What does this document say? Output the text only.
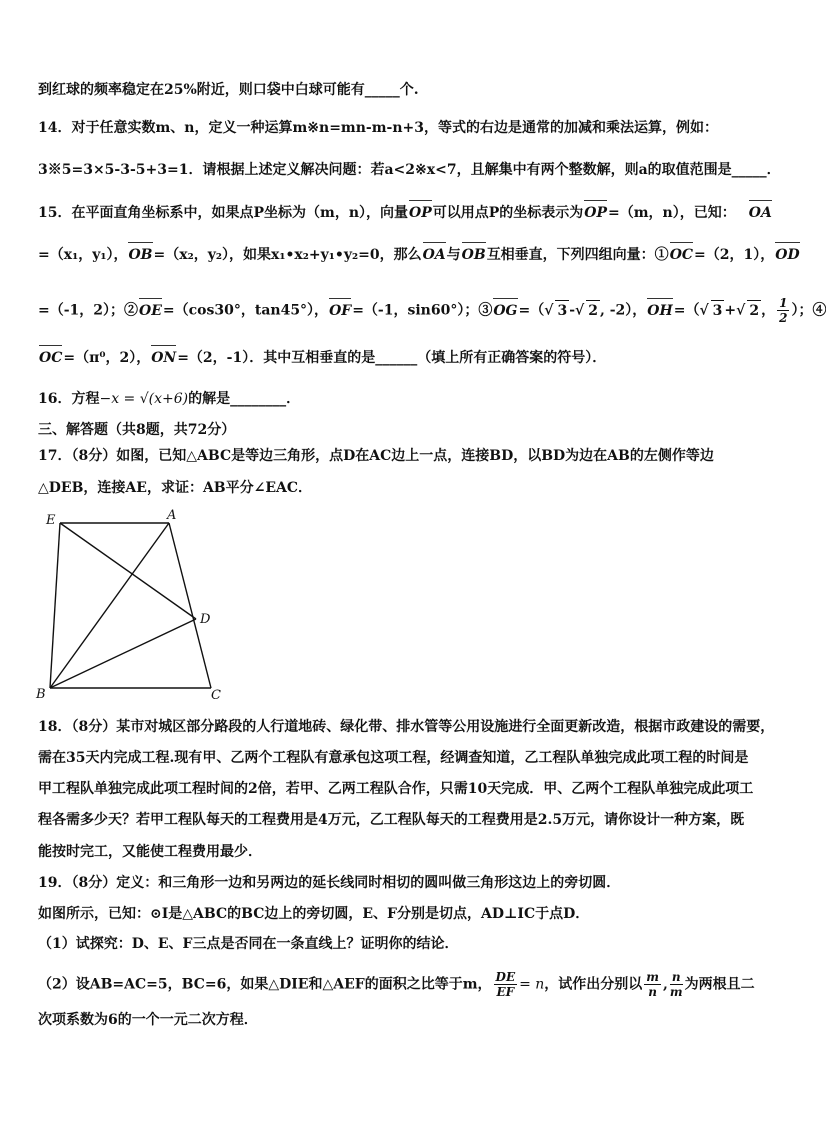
到红球的频率稳定在25%附近，则口袋中白球可能有_____个.
14．对于任意实数m、n，定义一种运算m※n=mn-m-n+3，等式的右边是通常的加减和乘法运算，例如：
3※5=3×5-3-5+3=1．请根据上述定义解决问题：若a<2※x<7，且解集中有两个整数解，则a的取值范围是_____．
15．在平面直角坐标系中，如果点P坐标为（m，n），向量OP可以用点P的坐标表示为OP=（m，n），已知： OA
=（x₁，y₁），OB=（x₂，y₂），如果x₁•x₂+y₁•y₂=0，那么OA与OB互相垂直，下列四组向量：①OC=（2，1），OD
=（-1，2）；②OE=（cos30°，tan45°），OF=（-1，sin60°）；③OG=（√ 3 -√ 2 , -2），OH=（√ 3 +√ 2 ， $\frac{1}{2}$ ）；④
OC=（π⁰，2），ON=（2，-1）．其中互相垂直的是______（填上所有正确答案的符号）．
16．方程−x = √(x+6)的解是________．
三、解答题（共8题，共72分）
17．（8分）如图，已知△ABC是等边三角形，点D在AC边上一点，连接BD，以BD为边在AB的左侧作等边
△DEB，连接AE，求证：AB平分∠EAC．
E	A
D
B	C
18．（8分）某市对城区部分路段的人行道地砖、绿化带、排水管等公用设施进行全面更新改造，根据市政建设的需要，
需在35天内完成工程.现有甲、乙两个工程队有意承包这项工程，经调查知道，乙工程队单独完成此项工程的时间是
甲工程队单独完成此项工程时间的2倍，若甲、乙两工程队合作，只需10天完成．甲、乙两个工程队单独完成此项工
程各需多少天？若甲工程队每天的工程费用是4万元，乙工程队每天的工程费用是2.5万元，请你设计一种方案，既
能按时完工，又能使工程费用最少．
19．（8分）定义：和三角形一边和另两边的延长线同时相切的圆叫做三角形这边上的旁切圆．
如图所示，已知：⊙I是△ABC的BC边上的旁切圆，E、F分别是切点，AD⊥IC于点D．
（1）试探究：D、E、F三点是否同在一条直线上？证明你的结论．
（2）设AB=AC=5，BC=6，如果△DIE和△AEF的面积之比等于m， $\frac{DE}{EF} = n$，试作出分别以 $\frac{m}{n}$ , $\frac{n}{m}$ 为两根且二
次项系数为6的一个一元二次方程．
